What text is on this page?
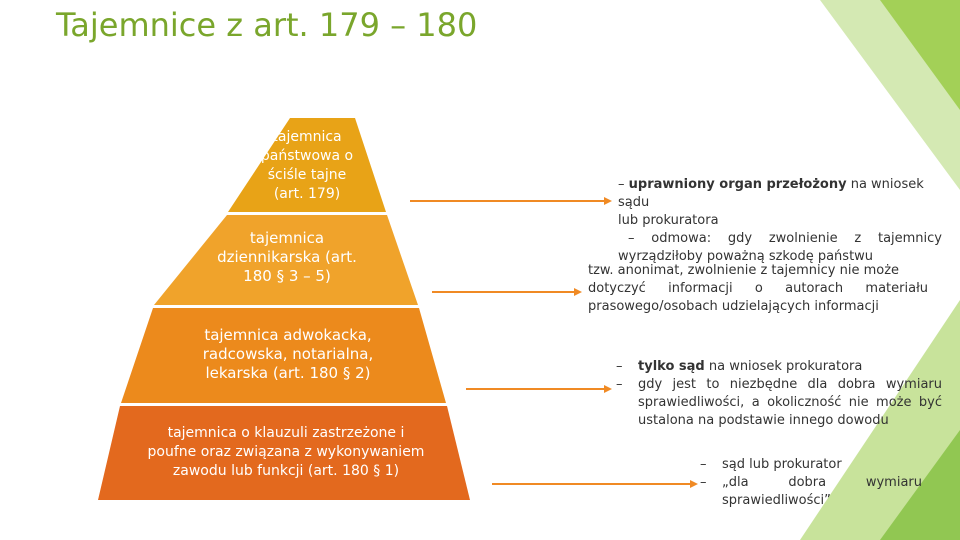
Tajemnice z art. 179 – 180
tajemnica
państwowa o
ściśle tajne
(art. 179)
tajemnica
dziennikarska (art.
180 § 3 – 5)
tajemnica adwokacka,
radcowska, notarialna,
lekarska (art. 180 § 2)
tajemnica o klauzuli zastrzeżone i
poufne oraz związana z wykonywaniem
zawodu lub funkcji (art. 180 § 1)
– uprawniony organ przełożony na wniosek sądu
lub prokuratora
– odmowa: gdy zwolnienie z tajemnicy
wyrządziłoby poważną szkodę państwu
tzw. anonimat, zwolnienie z tajemnicy nie może
dotyczyć informacji o autorach materiału
prasowego/osobach udzielających informacji
– tylko sąd na wniosek prokuratora
– gdy jest to niezbędne dla dobra wymiaru
sprawiedliwości, a okoliczność nie może być
ustalona na podstawie innego dowodu
– sąd lub prokurator
– „dla dobra wymiaru
sprawiedliwości”
